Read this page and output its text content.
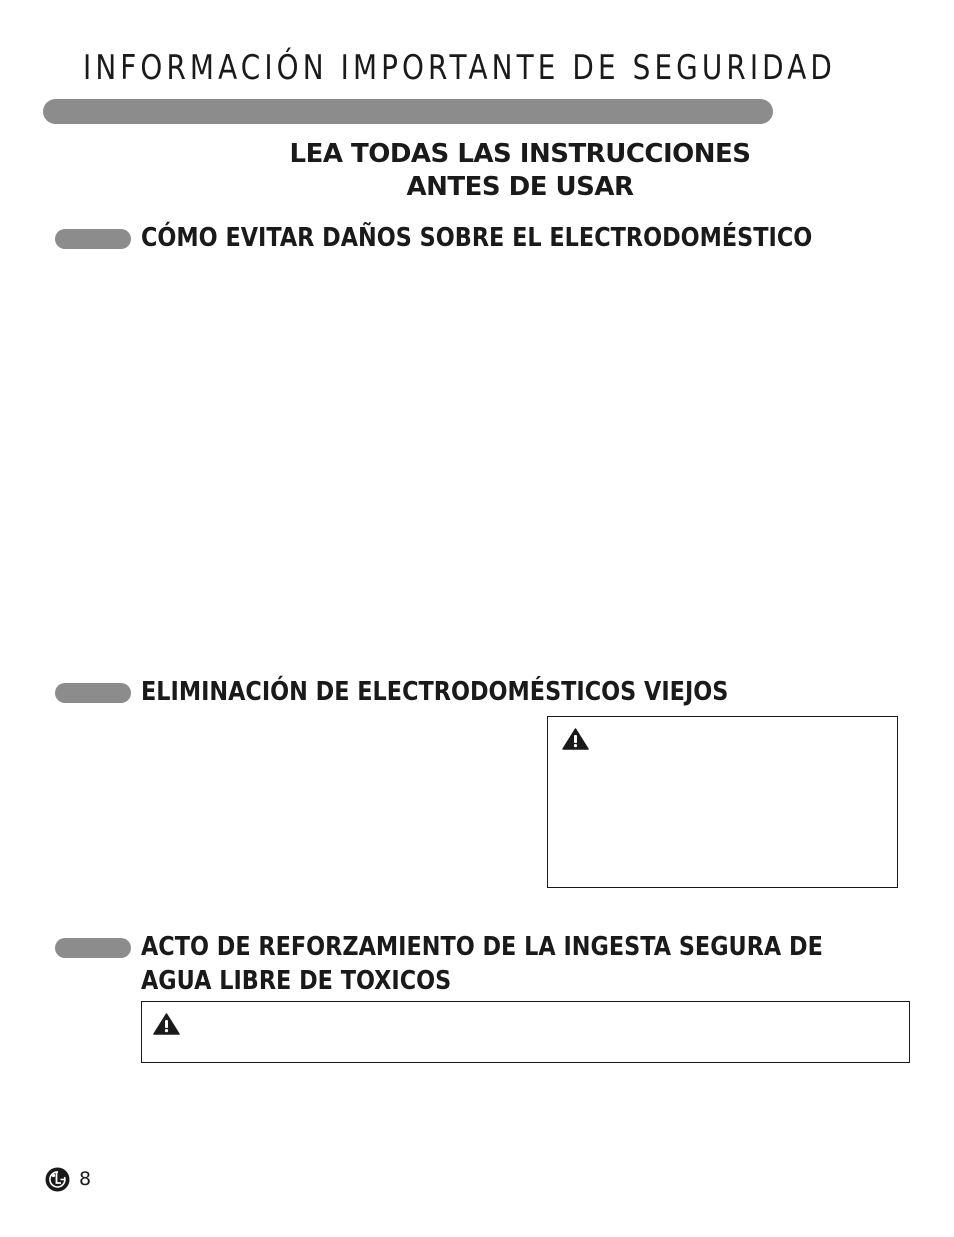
INFORMACIÓN IMPORTANTE DE SEGURIDAD
LEA TODAS LAS INSTRUCCIONES
ANTES DE USAR
CÓMO EVITAR DAÑOS SOBRE EL ELECTRODOMÉSTICO
ELIMINACIÓN DE ELECTRODOMÉSTICOS VIEJOS
ACTO DE REFORZAMIENTO DE LA INGESTA SEGURA DE
AGUA LIBRE DE TOXICOS
8
